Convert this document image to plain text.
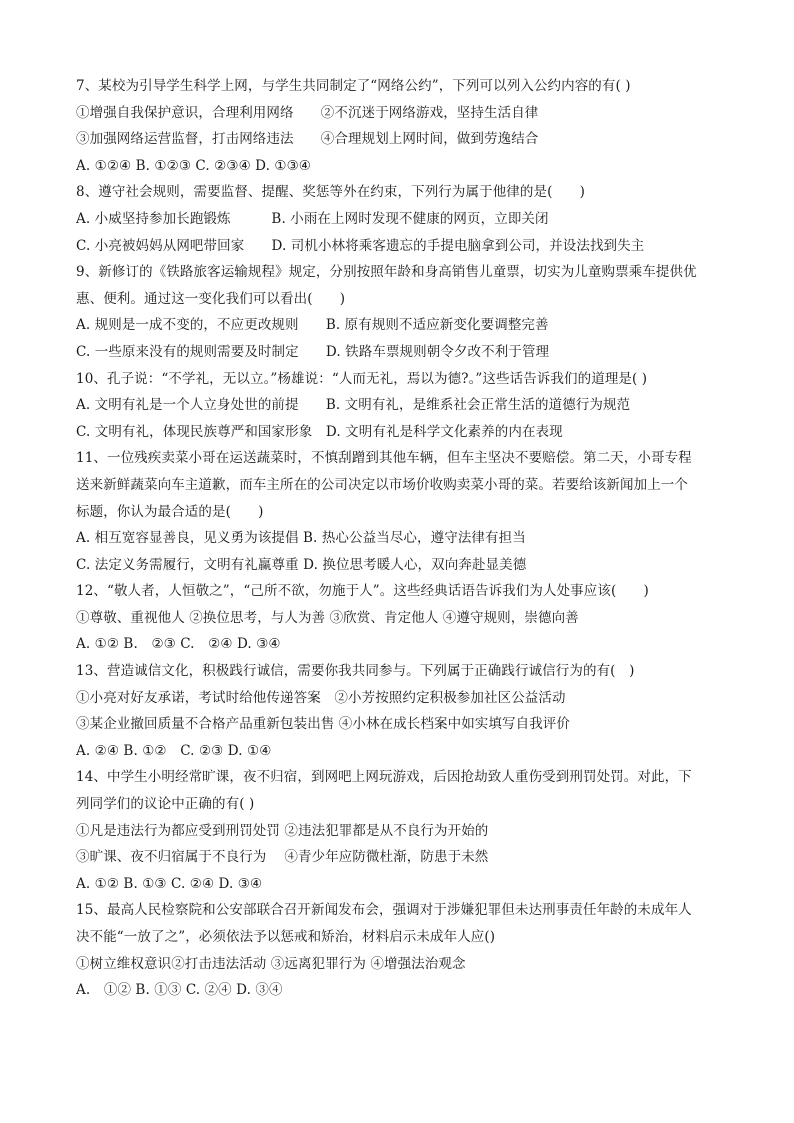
7、某校为引导学生科学上网，与学生共同制定了“网络公约”，下列可以列入公约内容的有( )
①增强自我保护意识，合理利用网络　　②不沉迷于网络游戏，坚持生活自律
③加强网络运营监督，打击网络违法　　④合理规划上网时间，做到劳逸结合
A. ①②④ B. ①②③ C. ②③④ D. ①③④
8、遵守社会规则，需要监督、提醒、奖惩等外在约束，下列行为属于他律的是(　　)
A. 小威坚持参加长跑锻炼　　　B. 小雨在上网时发现不健康的网页，立即关闭
C. 小亮被妈妈从网吧带回家　　D. 司机小林将乘客遗忘的手提电脑拿到公司，并设法找到失主
9、新修订的《铁路旅客运输规程》规定，分别按照年龄和身高销售儿童票，切实为儿童购票乘车提供优
惠、便利。通过这一变化我们可以看出(　　)
A. 规则是一成不变的，不应更改规则　　B. 原有规则不适应新变化要调整完善
C. 一些原来没有的规则需要及时制定　　D. 铁路车票规则朝令夕改不利于管理
10、孔子说：“不学礼，无以立。”杨雄说：“人而无礼，焉以为德?。”这些话告诉我们的道理是( )
A. 文明有礼是一个人立身处世的前提　　B. 文明有礼，是维系社会正常生活的道德行为规范
C. 文明有礼，体现民族尊严和国家形象　D. 文明有礼是科学文化素养的内在表现
11、一位残疾卖菜小哥在运送蔬菜时，不慎刮蹭到其他车辆，但车主坚决不要赔偿。第二天，小哥专程
送来新鲜蔬菜向车主道歉，而车主所在的公司决定以市场价收购卖菜小哥的菜。若要给该新闻加上一个
标题，你认为最合适的是(　　)
A. 相互宽容显善良，见义勇为该提倡 B. 热心公益当尽心，遵守法律有担当
C. 法定义务需履行，文明有礼赢尊重 D. 换位思考暖人心，双向奔赴显美德
12、“敬人者，人恒敬之”，“己所不欲，勿施于人”。这些经典话语告诉我们为人处事应该(　　)
①尊敬、重视他人 ②换位思考，与人为善 ③欣赏、肯定他人 ④遵守规则，崇德向善
A. ①② B.　②③ C.　②④ D. ③④
13、营造诚信文化，积极践行诚信，需要你我共同参与。下列属于正确践行诚信行为的有(　)
①小亮对好友承诺，考试时给他传递答案　②小芳按照约定积极参加社区公益活动
③某企业撤回质量不合格产品重新包装出售 ④小林在成长档案中如实填写自我评价
A. ②④ B. ①②　C. ②③ D. ①④
14、中学生小明经常旷课，夜不归宿，到网吧上网玩游戏，后因抢劫致人重伤受到刑罚处罚。对此，下
列同学们的议论中正确的有( )
①凡是违法行为都应受到刑罚处罚 ②违法犯罪都是从不良行为开始的
③旷课、夜不归宿属于不良行为　 ④青少年应防微杜渐，防患于未然
A. ①② B. ①③ C. ②④ D. ③④
15、最高人民检察院和公安部联合召开新闻发布会，强调对于涉嫌犯罪但未达刑事责任年龄的未成年人
决不能“一放了之”，必须依法予以惩戒和矫治，材料启示未成年人应()
①树立维权意识②打击违法活动 ③远离犯罪行为 ④增强法治观念
A.　①② B. ①③ C. ②④ D. ③④
